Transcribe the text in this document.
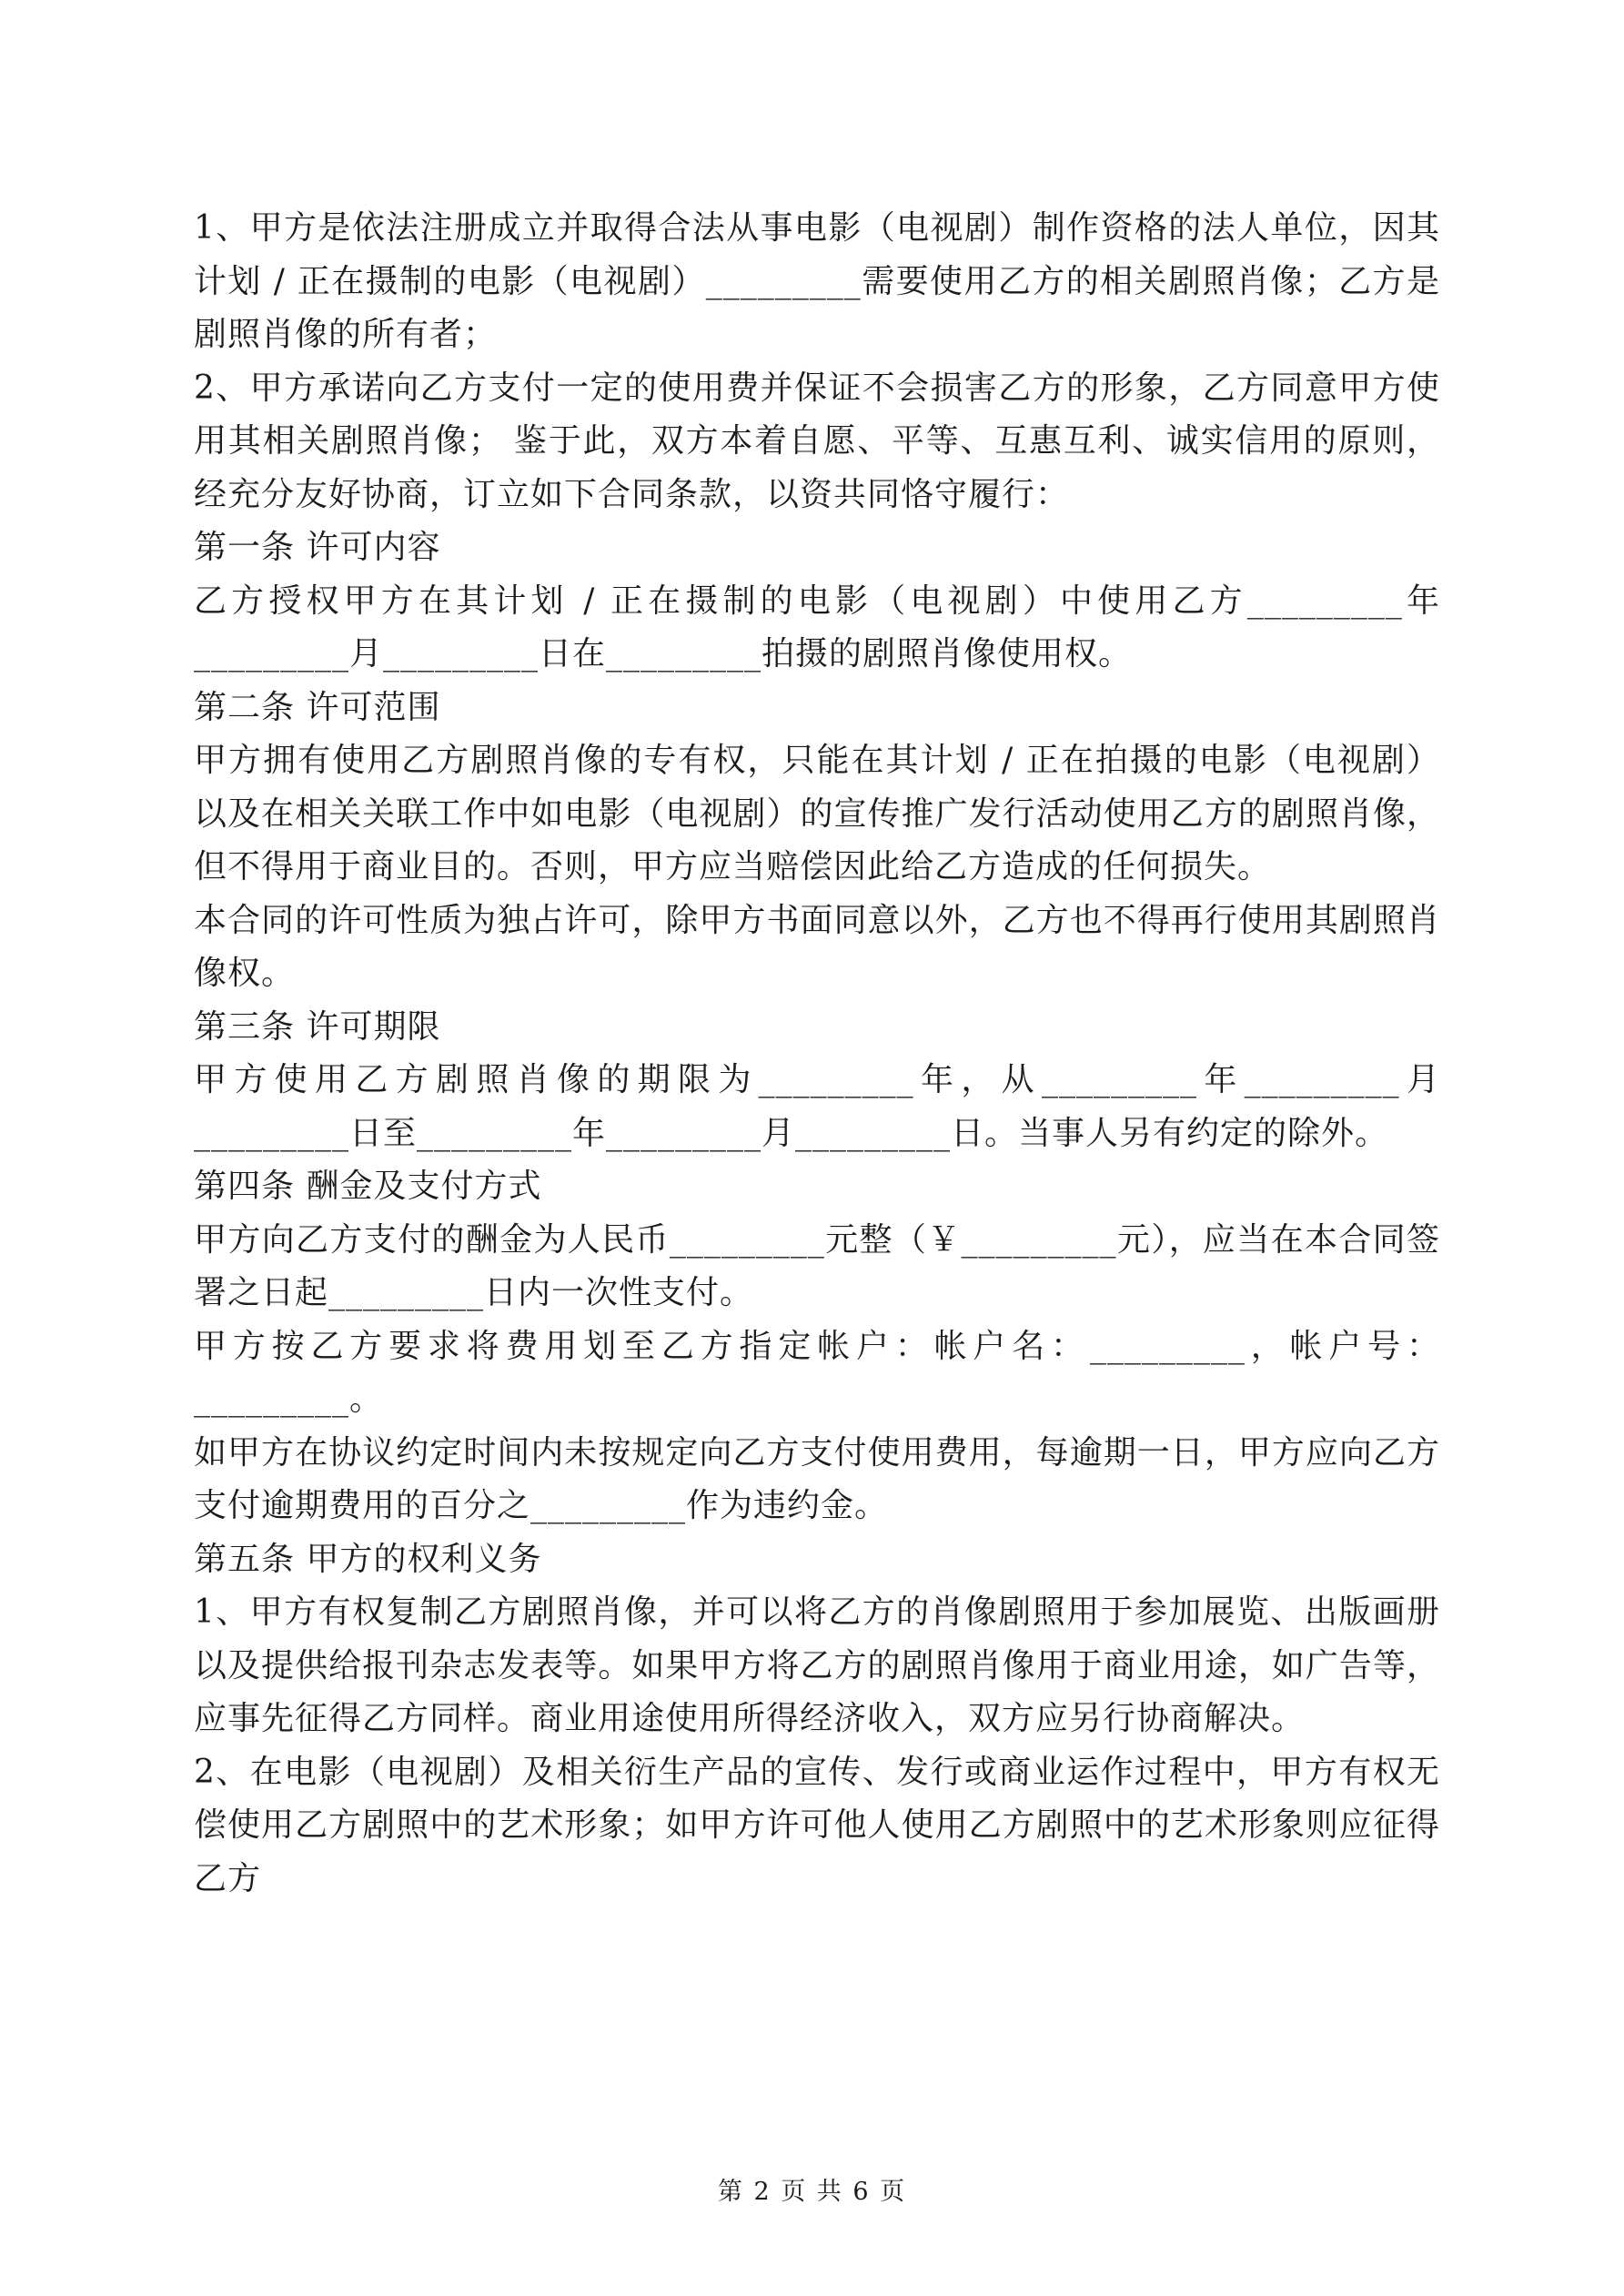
1、甲方是依法注册成立并取得合法从事电影（电视剧）制作资格的法人单位，因其计划 / 正在摄制的电影（电视剧）_________需要使用乙方的相关剧照肖像；乙方是剧照肖像的所有者；

2、甲方承诺向乙方支付一定的使用费并保证不会损害乙方的形象，乙方同意甲方使用其相关剧照肖像； 鉴于此，双方本着自愿、平等、互惠互利、诚实信用的原则，经充分友好协商，订立如下合同条款，以资共同恪守履行：

第一条 许可内容

乙方授权甲方在其计划 / 正在摄制的电影（电视剧）中使用乙方_________年_________月_________日在_________拍摄的剧照肖像使用权。

第二条 许可范围

甲方拥有使用乙方剧照肖像的专有权，只能在其计划 / 正在拍摄的电影（电视剧）以及在相关关联工作中如电影（电视剧）的宣传推广发行活动使用乙方的剧照肖像，但不得用于商业目的。否则，甲方应当赔偿因此给乙方造成的任何损失。

本合同的许可性质为独占许可，除甲方书面同意以外，乙方也不得再行使用其剧照肖像权。

第三条 许可期限

甲方使用乙方剧照肖像的期限为_________年，从_________年_________月_________日至_________年_________月_________日。当事人另有约定的除外。

第四条 酬金及支付方式

甲方向乙方支付的酬金为人民币_________元整（￥_________元），应当在本合同签署之日起_________日内一次性支付。

甲方按乙方要求将费用划至乙方指定帐户：帐户名：_________，帐户号：_________。

如甲方在协议约定时间内未按规定向乙方支付使用费用，每逾期一日，甲方应向乙方支付逾期费用的百分之_________作为违约金。

第五条 甲方的权利义务

1、甲方有权复制乙方剧照肖像，并可以将乙方的肖像剧照用于参加展览、出版画册以及提供给报刊杂志发表等。如果甲方将乙方的剧照肖像用于商业用途，如广告等，应事先征得乙方同样。商业用途使用所得经济收入，双方应另行协商解决。

2、在电影（电视剧）及相关衍生产品的宣传、发行或商业运作过程中，甲方有权无偿使用乙方剧照中的艺术形象；如甲方许可他人使用乙方剧照中的艺术形象则应征得乙方

第 2 页 共 6 页
